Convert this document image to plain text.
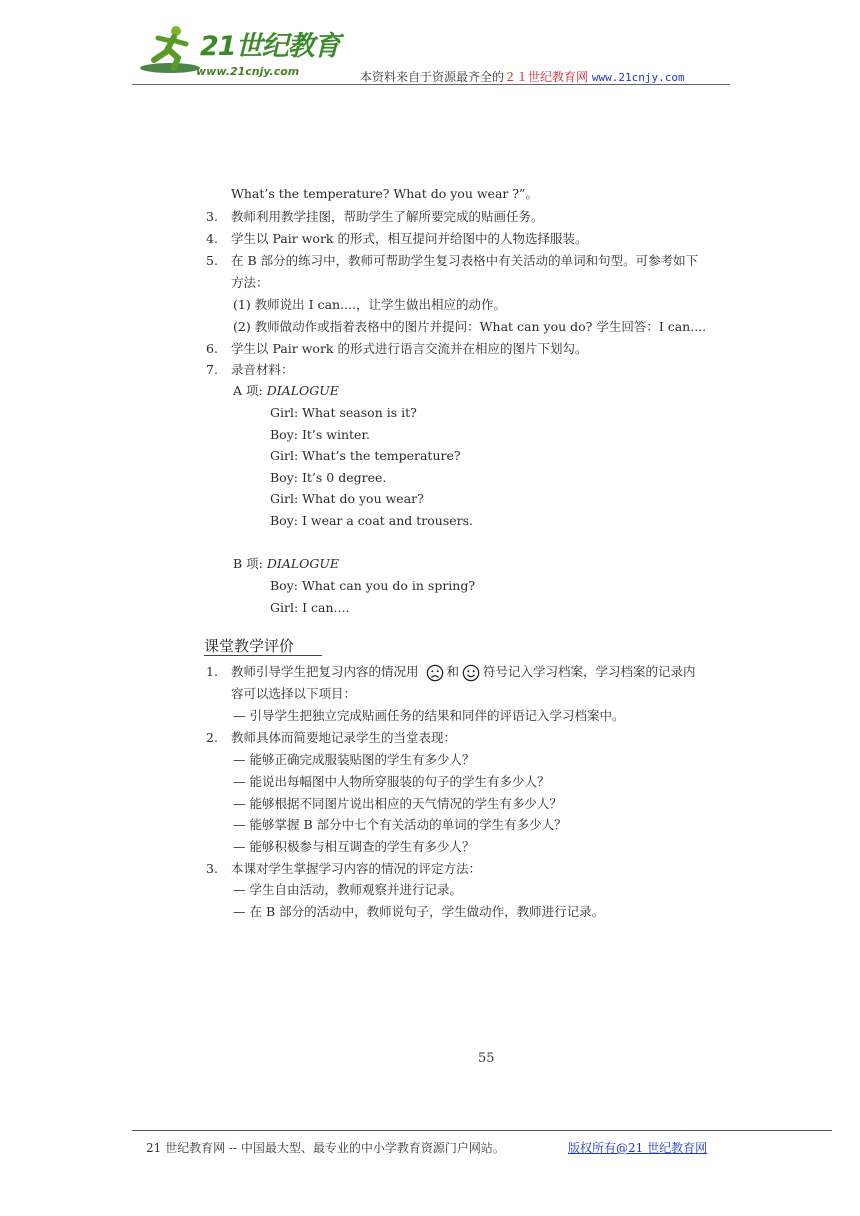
21世纪教育
www.21cnjy.com	本资料来自于资源最齐全的２１世纪教育网 www.21cnjy.com
What’s the temperature? What do you wear ?”。
3. 教师利用教学挂图，帮助学生了解所要完成的贴画任务。
4. 学生以 Pair work 的形式，相互提问并给图中的人物选择服装。
5. 在 B 部分的练习中，教师可帮助学生复习表格中有关活动的单词和句型。可参考如下
方法：
(1) 教师说出 I can....，让学生做出相应的动作。
(2) 教师做动作或指着表格中的图片并提问：What can you do? 学生回答：I can....
6. 学生以 Pair work 的形式进行语言交流并在相应的图片下划勾。
7. 录音材料：
A 项: DIALOGUE
Girl: What season is it?
Boy: It’s winter.
Girl: What’s the temperature?
Boy: It’s 0 degree.
Girl: What do you wear?
Boy: I wear a coat and trousers.
B 项: DIALOGUE
Boy: What can you do in spring?
Girl: I can....
课堂教学评价
1. 教师引导学生把复习内容的情况用 和 符号记入学习档案，学习档案的记录内
容可以选择以下项目：
— 引导学生把独立完成贴画任务的结果和同伴的评语记入学习档案中。
2. 教师具体而简要地记录学生的当堂表现：
— 能够正确完成服装贴图的学生有多少人？
— 能说出每幅图中人物所穿服装的句子的学生有多少人？
— 能够根据不同图片说出相应的天气情况的学生有多少人？
— 能够掌握 B 部分中七个有关活动的单词的学生有多少人？
— 能够积极参与相互调查的学生有多少人？
3. 本课对学生掌握学习内容的情况的评定方法：
— 学生自由活动，教师观察并进行记录。
— 在 B 部分的活动中，教师说句子，学生做动作，教师进行记录。
55
21 世纪教育网 -- 中国最大型、最专业的中小学教育资源门户网站。	版权所有@21 世纪教育网
